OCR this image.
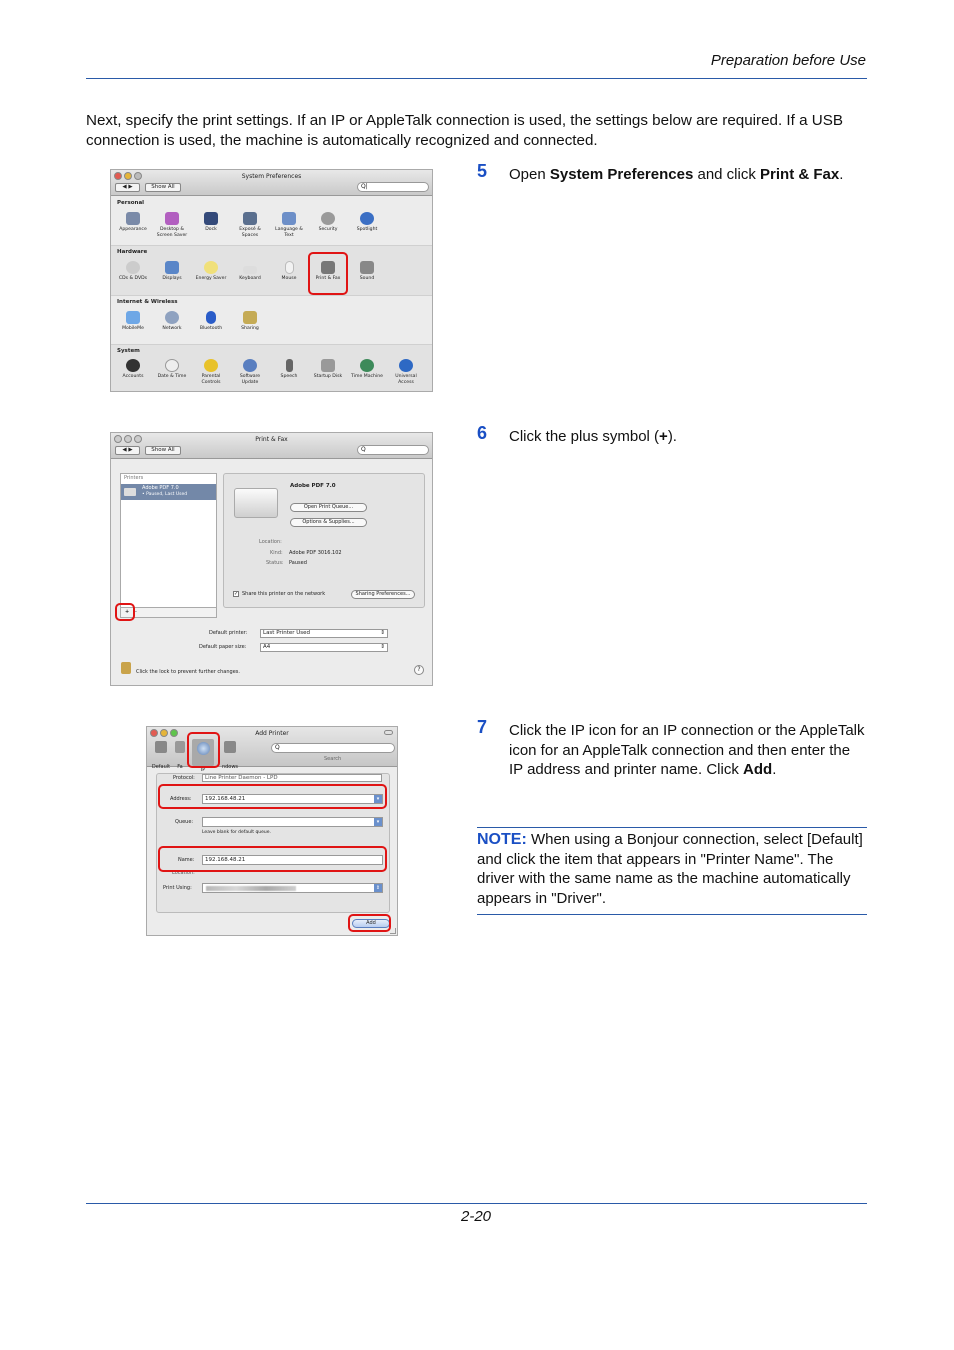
Preparation before Use

Next, specify the print settings. If an IP or AppleTalk connection is used, the settings below are required. If a USB connection is used, the machine is automatically recognized and connected.

5 Open System Preferences and click Print & Fax.
6 Click the plus symbol (+).
7 Click the IP icon for an IP connection or the AppleTalk icon for an AppleTalk connection and then enter the IP address and printer name. Click Add.

NOTE: When using a Bonjour connection, select [Default] and click the item that appears in "Printer Name". The driver with the same name as the machine automatically appears in "Driver".

System Preferences
◀ ▶	Show All	Q|
Personal
Appearance	Desktop & Screen Saver
Dock	Exposé & Spaces
Language & Text
Security	Spotlight
Hardware
CDs & DVDs	Displays	Energy Saver	Keyboard	Mouse	Print & Fax	Sound
Internet & Wireless
MobileMe	Network	Bluetooth	Sharing
System
Accounts	Date & Time	Parental Controls
Software Update
Speech	Startup Disk	Time Machine	Universal Access
Print & Fax
◀ ▶	Show All	Q
Printers
Adobe PDF 7.0
• Paused, Last Used
+ -
Adobe PDF 7.0
Open Print Queue...
Options & Supplies...
Location:
Kind: Adobe PDF 3016.102
Status: Paused
✓ Share this printer on the network	Sharing Preferences...
Default printer:	Last Printer Used	⇕
Default paper size:	A4	⇕
Click the lock to prevent further changes.	?
Add Printer
Default	Fa	IP	ndows
Q
Search
Protocol:	Line Printer Daemon - LPD
Address:	192.168.48.21	▾
Queue:	▾
Leave blank for default queue.
Name:	192.168.48.21
Location:
Print Using:	⇕
Add
2-20
